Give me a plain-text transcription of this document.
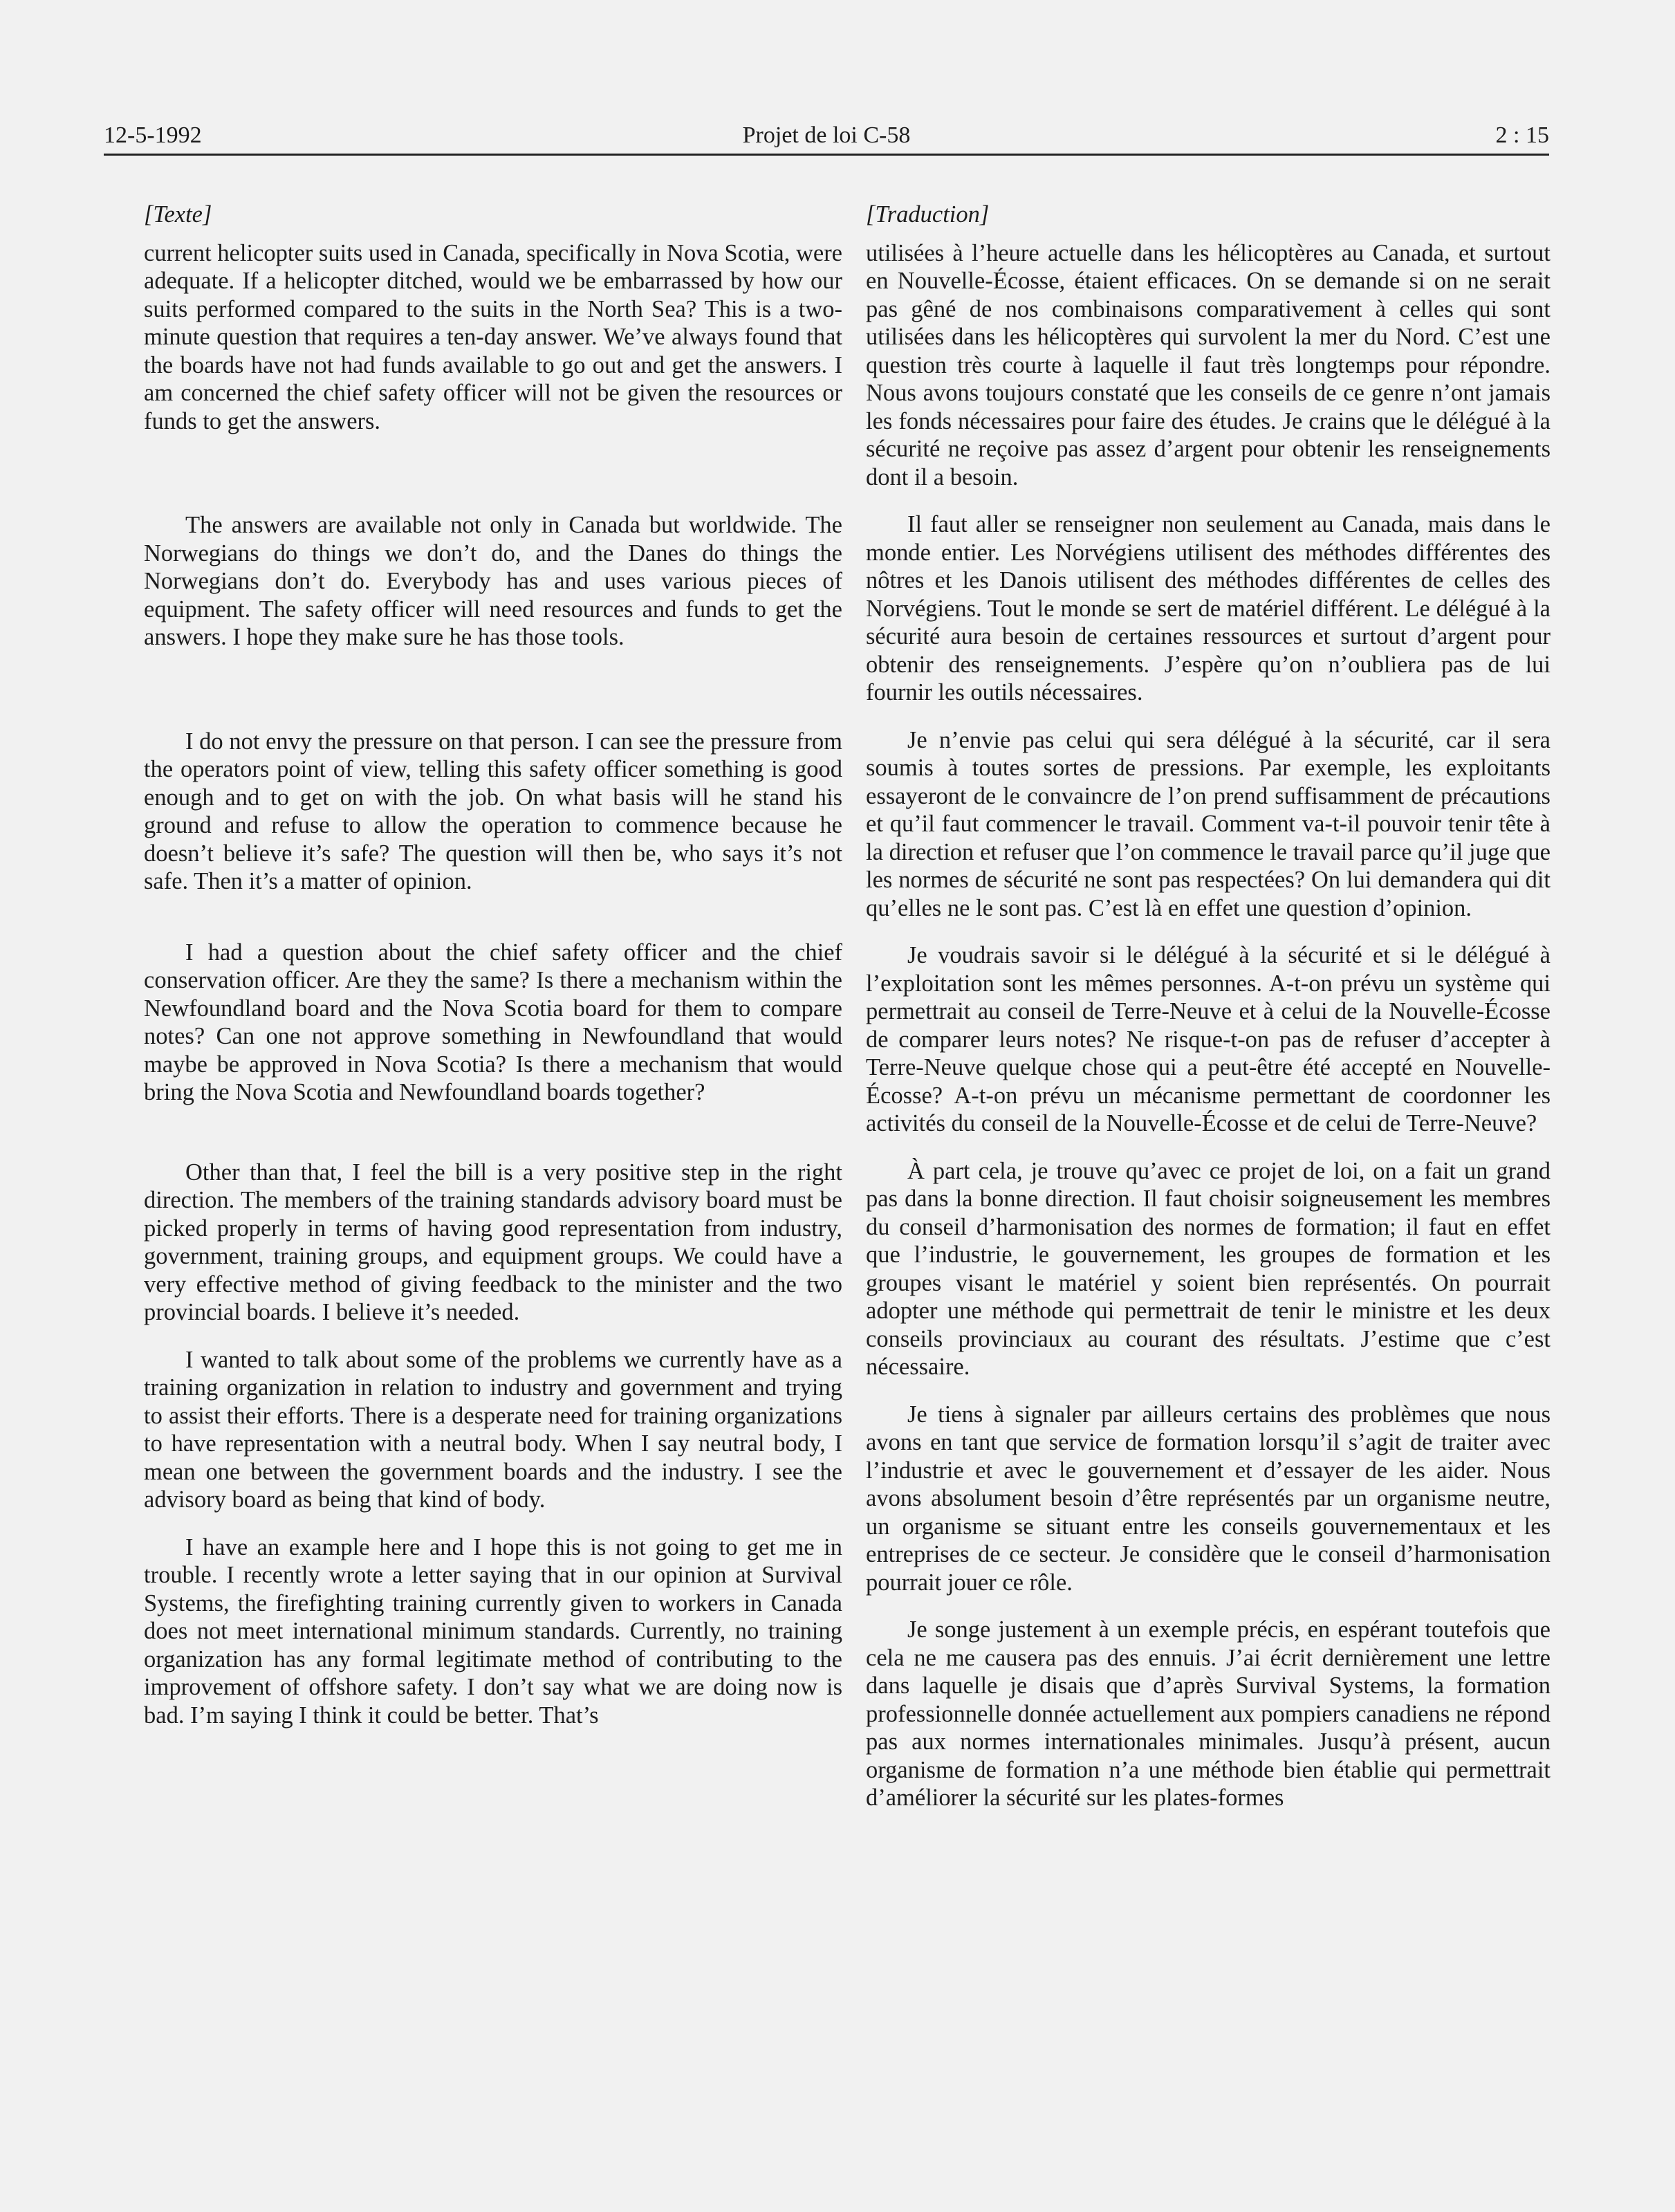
12-5-1992	Projet de loi C-58	2 : 15
[Texte]

current helicopter suits used in Canada, specifically in Nova Scotia, were adequate. If a helicopter ditched, would we be embarrassed by how our suits performed compared to the suits in the North Sea? This is a two-minute question that requires a ten-day answer. We’ve always found that the boards have not had funds available to go out and get the answers. I am concerned the chief safety officer will not be given the resources or funds to get the answers.

The answers are available not only in Canada but worldwide. The Norwegians do things we don’t do, and the Danes do things the Norwegians don’t do. Everybody has and uses various pieces of equipment. The safety officer will need resources and funds to get the answers. I hope they make sure he has those tools.

I do not envy the pressure on that person. I can see the pressure from the operators point of view, telling this safety officer something is good enough and to get on with the job. On what basis will he stand his ground and refuse to allow the operation to commence because he doesn’t believe it’s safe? The question will then be, who says it’s not safe. Then it’s a matter of opinion.

I had a question about the chief safety officer and the chief conservation officer. Are they the same? Is there a mechanism within the Newfoundland board and the Nova Scotia board for them to compare notes? Can one not approve something in Newfoundland that would maybe be approved in Nova Scotia? Is there a mechanism that would bring the Nova Scotia and Newfoundland boards together?

Other than that, I feel the bill is a very positive step in the right direction. The members of the training standards advisory board must be picked properly in terms of having good representation from industry, government, training groups, and equipment groups. We could have a very effective method of giving feedback to the minister and the two provincial boards. I believe it’s needed.

I wanted to talk about some of the problems we currently have as a training organization in relation to industry and government and trying to assist their efforts. There is a desperate need for training organizations to have representation with a neutral body. When I say neutral body, I mean one between the government boards and the industry. I see the advisory board as being that kind of body.

I have an example here and I hope this is not going to get me in trouble. I recently wrote a letter saying that in our opinion at Survival Systems, the firefighting training currently given to workers in Canada does not meet international minimum standards. Currently, no training organization has any formal legitimate method of contributing to the improvement of offshore safety. I don’t say what we are doing now is bad. I’m saying I think it could be better. That’s

[Traduction]

utilisées à l’heure actuelle dans les hélicoptères au Canada, et surtout en Nouvelle-Écosse, étaient efficaces. On se demande si on ne serait pas gêné de nos combinaisons comparativement à celles qui sont utilisées dans les hélicoptères qui survolent la mer du Nord. C’est une question très courte à laquelle il faut très longtemps pour répondre. Nous avons toujours constaté que les conseils de ce genre n’ont jamais les fonds nécessaires pour faire des études. Je crains que le délégué à la sécurité ne reçoive pas assez d’argent pour obtenir les renseignements dont il a besoin.

Il faut aller se renseigner non seulement au Canada, mais dans le monde entier. Les Norvégiens utilisent des méthodes différentes des nôtres et les Danois utilisent des méthodes différentes de celles des Norvégiens. Tout le monde se sert de matériel différent. Le délégué à la sécurité aura besoin de certaines ressources et surtout d’argent pour obtenir des renseignements. J’espère qu’on n’oubliera pas de lui fournir les outils nécessaires.

Je n’envie pas celui qui sera délégué à la sécurité, car il sera soumis à toutes sortes de pressions. Par exemple, les exploitants essayeront de le convaincre de l’on prend suffisamment de précautions et qu’il faut commencer le travail. Comment va-t-il pouvoir tenir tête à la direction et refuser que l’on commence le travail parce qu’il juge que les normes de sécurité ne sont pas respectées? On lui demandera qui dit qu’elles ne le sont pas. C’est là en effet une question d’opinion.

Je voudrais savoir si le délégué à la sécurité et si le délégué à l’exploitation sont les mêmes personnes. A-t-on prévu un système qui permettrait au conseil de Terre-Neuve et à celui de la Nouvelle-Écosse de comparer leurs notes? Ne risque-t-on pas de refuser d’accepter à Terre-Neuve quelque chose qui a peut-être été accepté en Nouvelle-Écosse? A-t-on prévu un mécanisme permettant de coordonner les activités du conseil de la Nouvelle-Écosse et de celui de Terre-Neuve?

À part cela, je trouve qu’avec ce projet de loi, on a fait un grand pas dans la bonne direction. Il faut choisir soigneusement les membres du conseil d’harmonisation des normes de formation; il faut en effet que l’industrie, le gouvernement, les groupes de formation et les groupes visant le matériel y soient bien représentés. On pourrait adopter une méthode qui permettrait de tenir le ministre et les deux conseils provinciaux au courant des résultats. J’estime que c’est nécessaire.

Je tiens à signaler par ailleurs certains des problèmes que nous avons en tant que service de formation lorsqu’il s’agit de traiter avec l’industrie et avec le gouvernement et d’essayer de les aider. Nous avons absolument besoin d’être représentés par un organisme neutre, un organisme se situant entre les conseils gouvernementaux et les entreprises de ce secteur. Je considère que le conseil d’harmonisation pourrait jouer ce rôle.

Je songe justement à un exemple précis, en espérant toutefois que cela ne me causera pas des ennuis. J’ai écrit dernièrement une lettre dans laquelle je disais que d’après Survival Systems, la formation professionnelle donnée actuellement aux pompiers canadiens ne répond pas aux normes internationales minimales. Jusqu’à présent, aucun organisme de formation n’a une méthode bien établie qui permettrait d’améliorer la sécurité sur les plates-formes
